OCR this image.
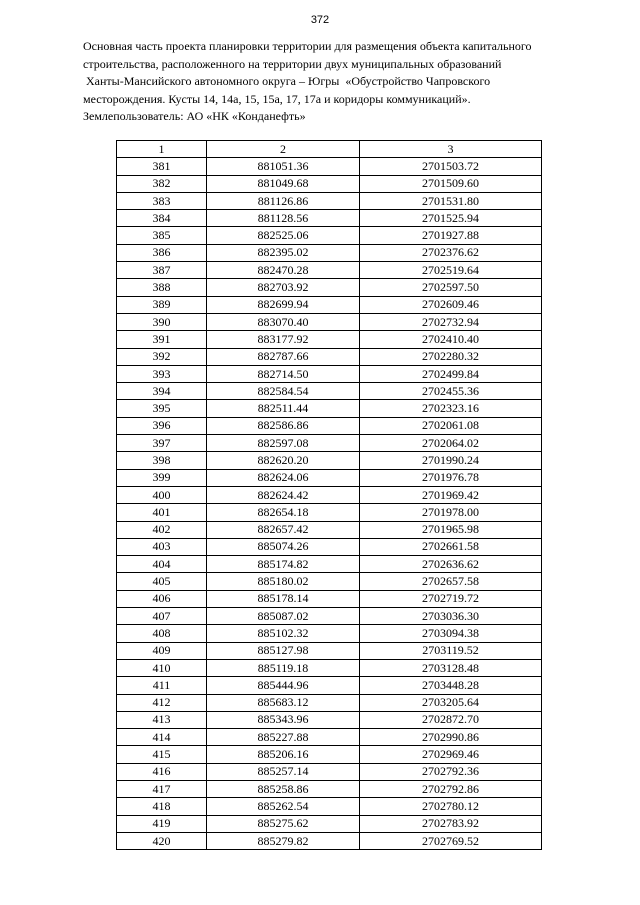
372
Основная часть проекта планировки территории для размещения объекта капитального
строительства, расположенного на территории двух муниципальных образований
Ханты-Мансийского автономного округа – Югры  «Обустройство Чапровского
месторождения. Кусты 14, 14а, 15, 15а, 17, 17а и коридоры коммуникаций».
Землепользователь: АО «НК «Конданефть»
1	2	3
381	881051.36	2701503.72
382	881049.68	2701509.60
383	881126.86	2701531.80
384	881128.56	2701525.94
385	882525.06	2701927.88
386	882395.02	2702376.62
387	882470.28	2702519.64
388	882703.92	2702597.50
389	882699.94	2702609.46
390	883070.40	2702732.94
391	883177.92	2702410.40
392	882787.66	2702280.32
393	882714.50	2702499.84
394	882584.54	2702455.36
395	882511.44	2702323.16
396	882586.86	2702061.08
397	882597.08	2702064.02
398	882620.20	2701990.24
399	882624.06	2701976.78
400	882624.42	2701969.42
401	882654.18	2701978.00
402	882657.42	2701965.98
403	885074.26	2702661.58
404	885174.82	2702636.62
405	885180.02	2702657.58
406	885178.14	2702719.72
407	885087.02	2703036.30
408	885102.32	2703094.38
409	885127.98	2703119.52
410	885119.18	2703128.48
411	885444.96	2703448.28
412	885683.12	2703205.64
413	885343.96	2702872.70
414	885227.88	2702990.86
415	885206.16	2702969.46
416	885257.14	2702792.36
417	885258.86	2702792.86
418	885262.54	2702780.12
419	885275.62	2702783.92
420	885279.82	2702769.52
